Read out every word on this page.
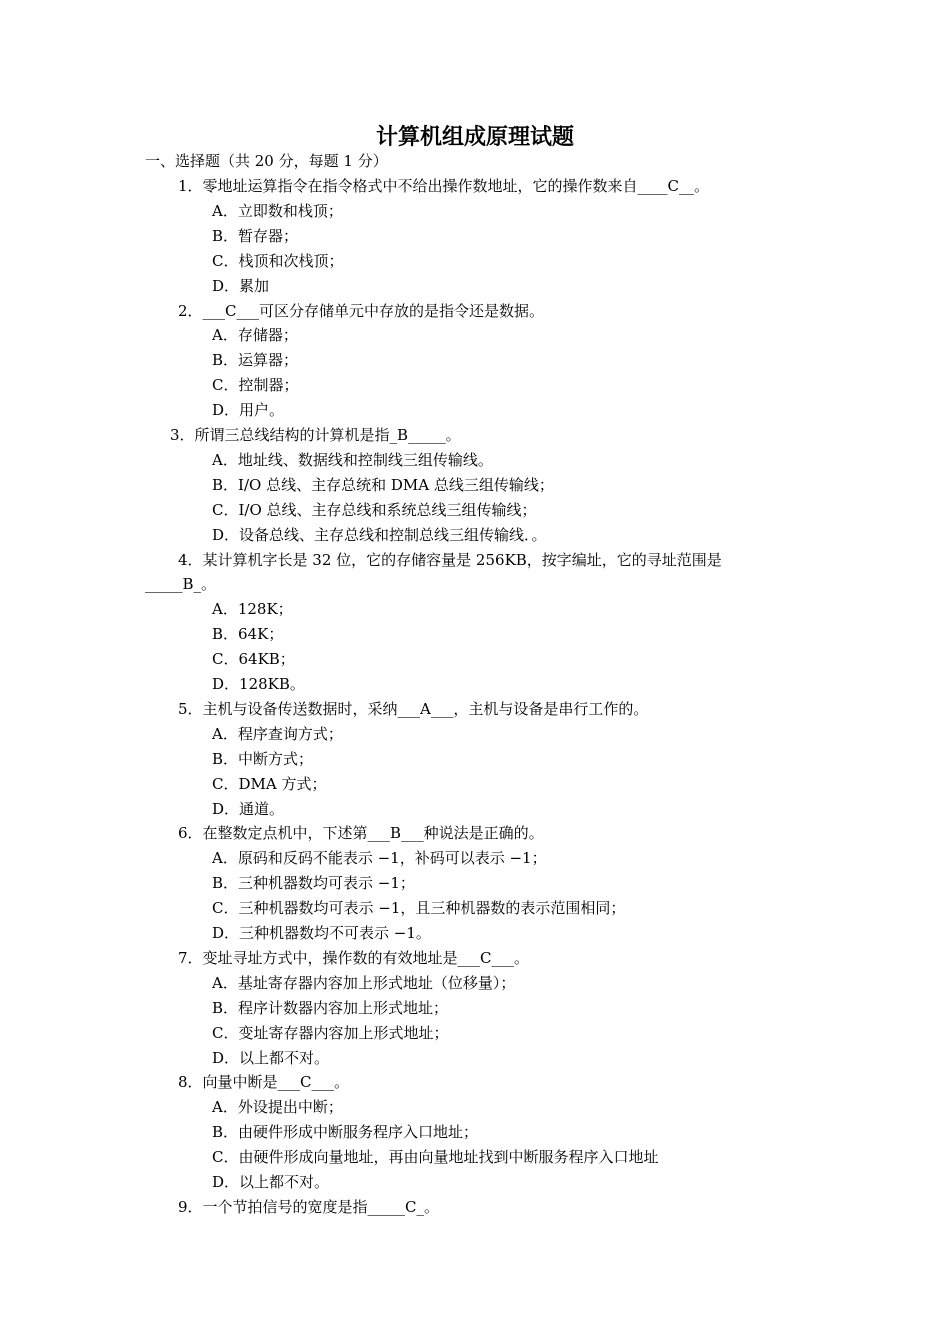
计算机组成原理试题
一、选择题（共 20 分，每题 1 分）
1．零地址运算指令在指令格式中不给出操作数地址，它的操作数来自____C__。
A．立即数和栈顶；
B．暂存器；
C．栈顶和次栈顶；
D．累加
2．___C___可区分存储单元中存放的是指令还是数据。
A．存储器；
B．运算器；
C．控制器；
D．用户。
3．所谓三总线结构的计算机是指_B_____。
A．地址线、数据线和控制线三组传输线。
B．I/O 总线、主存总统和 DMA 总线三组传输线；
C．I/O 总线、主存总线和系统总线三组传输线；
D．设备总线、主存总线和控制总线三组传输线．。
4．某计算机字长是 32 位，它的存储容量是 256KB，按字编址，它的寻址范围是
_____B_。
A．128K；
B．64K；
C．64KB；
D．128KB。
5．主机与设备传送数据时，采纳___A___，主机与设备是串行工作的。
A．程序查询方式；
B．中断方式；
C．DMA 方式；
D．通道。
6．在整数定点机中，下述第___B___种说法是正确的。
A．原码和反码不能表示 −1，补码可以表示 −1；
B．三种机器数均可表示 −1；
C．三种机器数均可表示 −1，且三种机器数的表示范围相同；
D．三种机器数均不可表示 −1。
7．变址寻址方式中，操作数的有效地址是___C___。
A．基址寄存器内容加上形式地址（位移量）；
B．程序计数器内容加上形式地址；
C．变址寄存器内容加上形式地址；
D．以上都不对。
8．向量中断是___C___。
A．外设提出中断；
B．由硬件形成中断服务程序入口地址；
C．由硬件形成向量地址，再由向量地址找到中断服务程序入口地址
D．以上都不对。
9．一个节拍信号的宽度是指_____C_。
